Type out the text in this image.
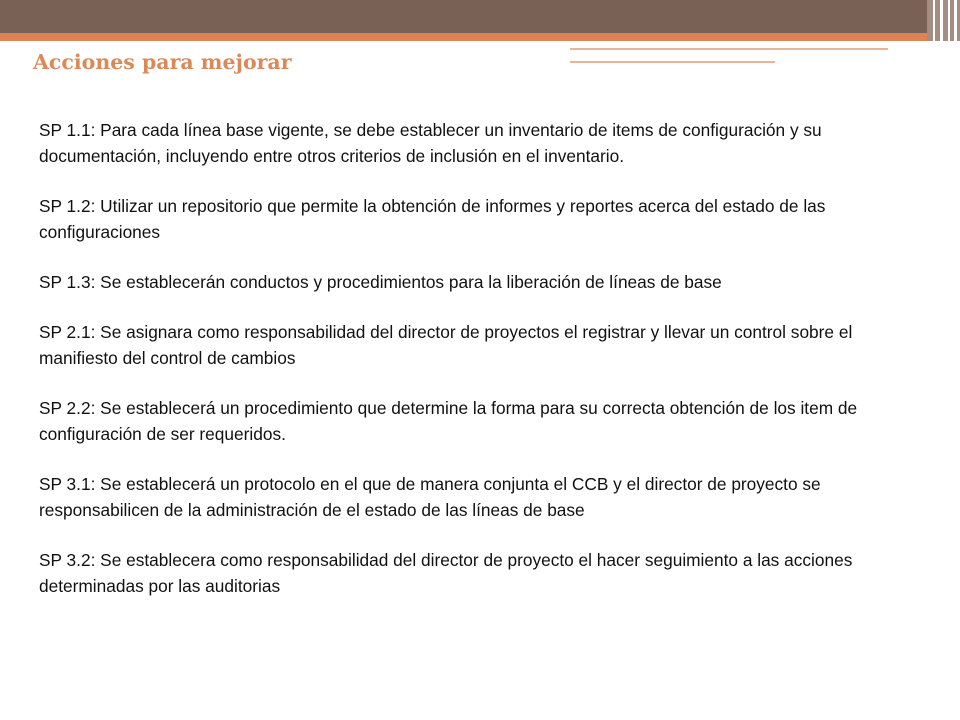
Acciones para mejorar
SP 1.1: Para cada línea base vigente, se debe establecer un inventario de items de configuración y su documentación, incluyendo entre otros criterios de inclusión en el inventario.
SP 1.2: Utilizar un repositorio que permite la obtención de informes y reportes acerca del estado de las configuraciones
SP 1.3: Se establecerán conductos y procedimientos para la liberación de líneas de base
SP 2.1: Se asignara como responsabilidad del director de proyectos el registrar y llevar un control sobre el manifiesto del control de cambios
SP 2.2: Se establecerá un procedimiento que determine la forma para su correcta obtención de los item de configuración de ser requeridos.
SP 3.1: Se establecerá un protocolo en el que de manera conjunta el CCB y el director de proyecto se responsabilicen de la administración de el estado de las líneas de base
SP 3.2: Se establecera como responsabilidad del director de proyecto el hacer seguimiento a las acciones determinadas por las auditorias
